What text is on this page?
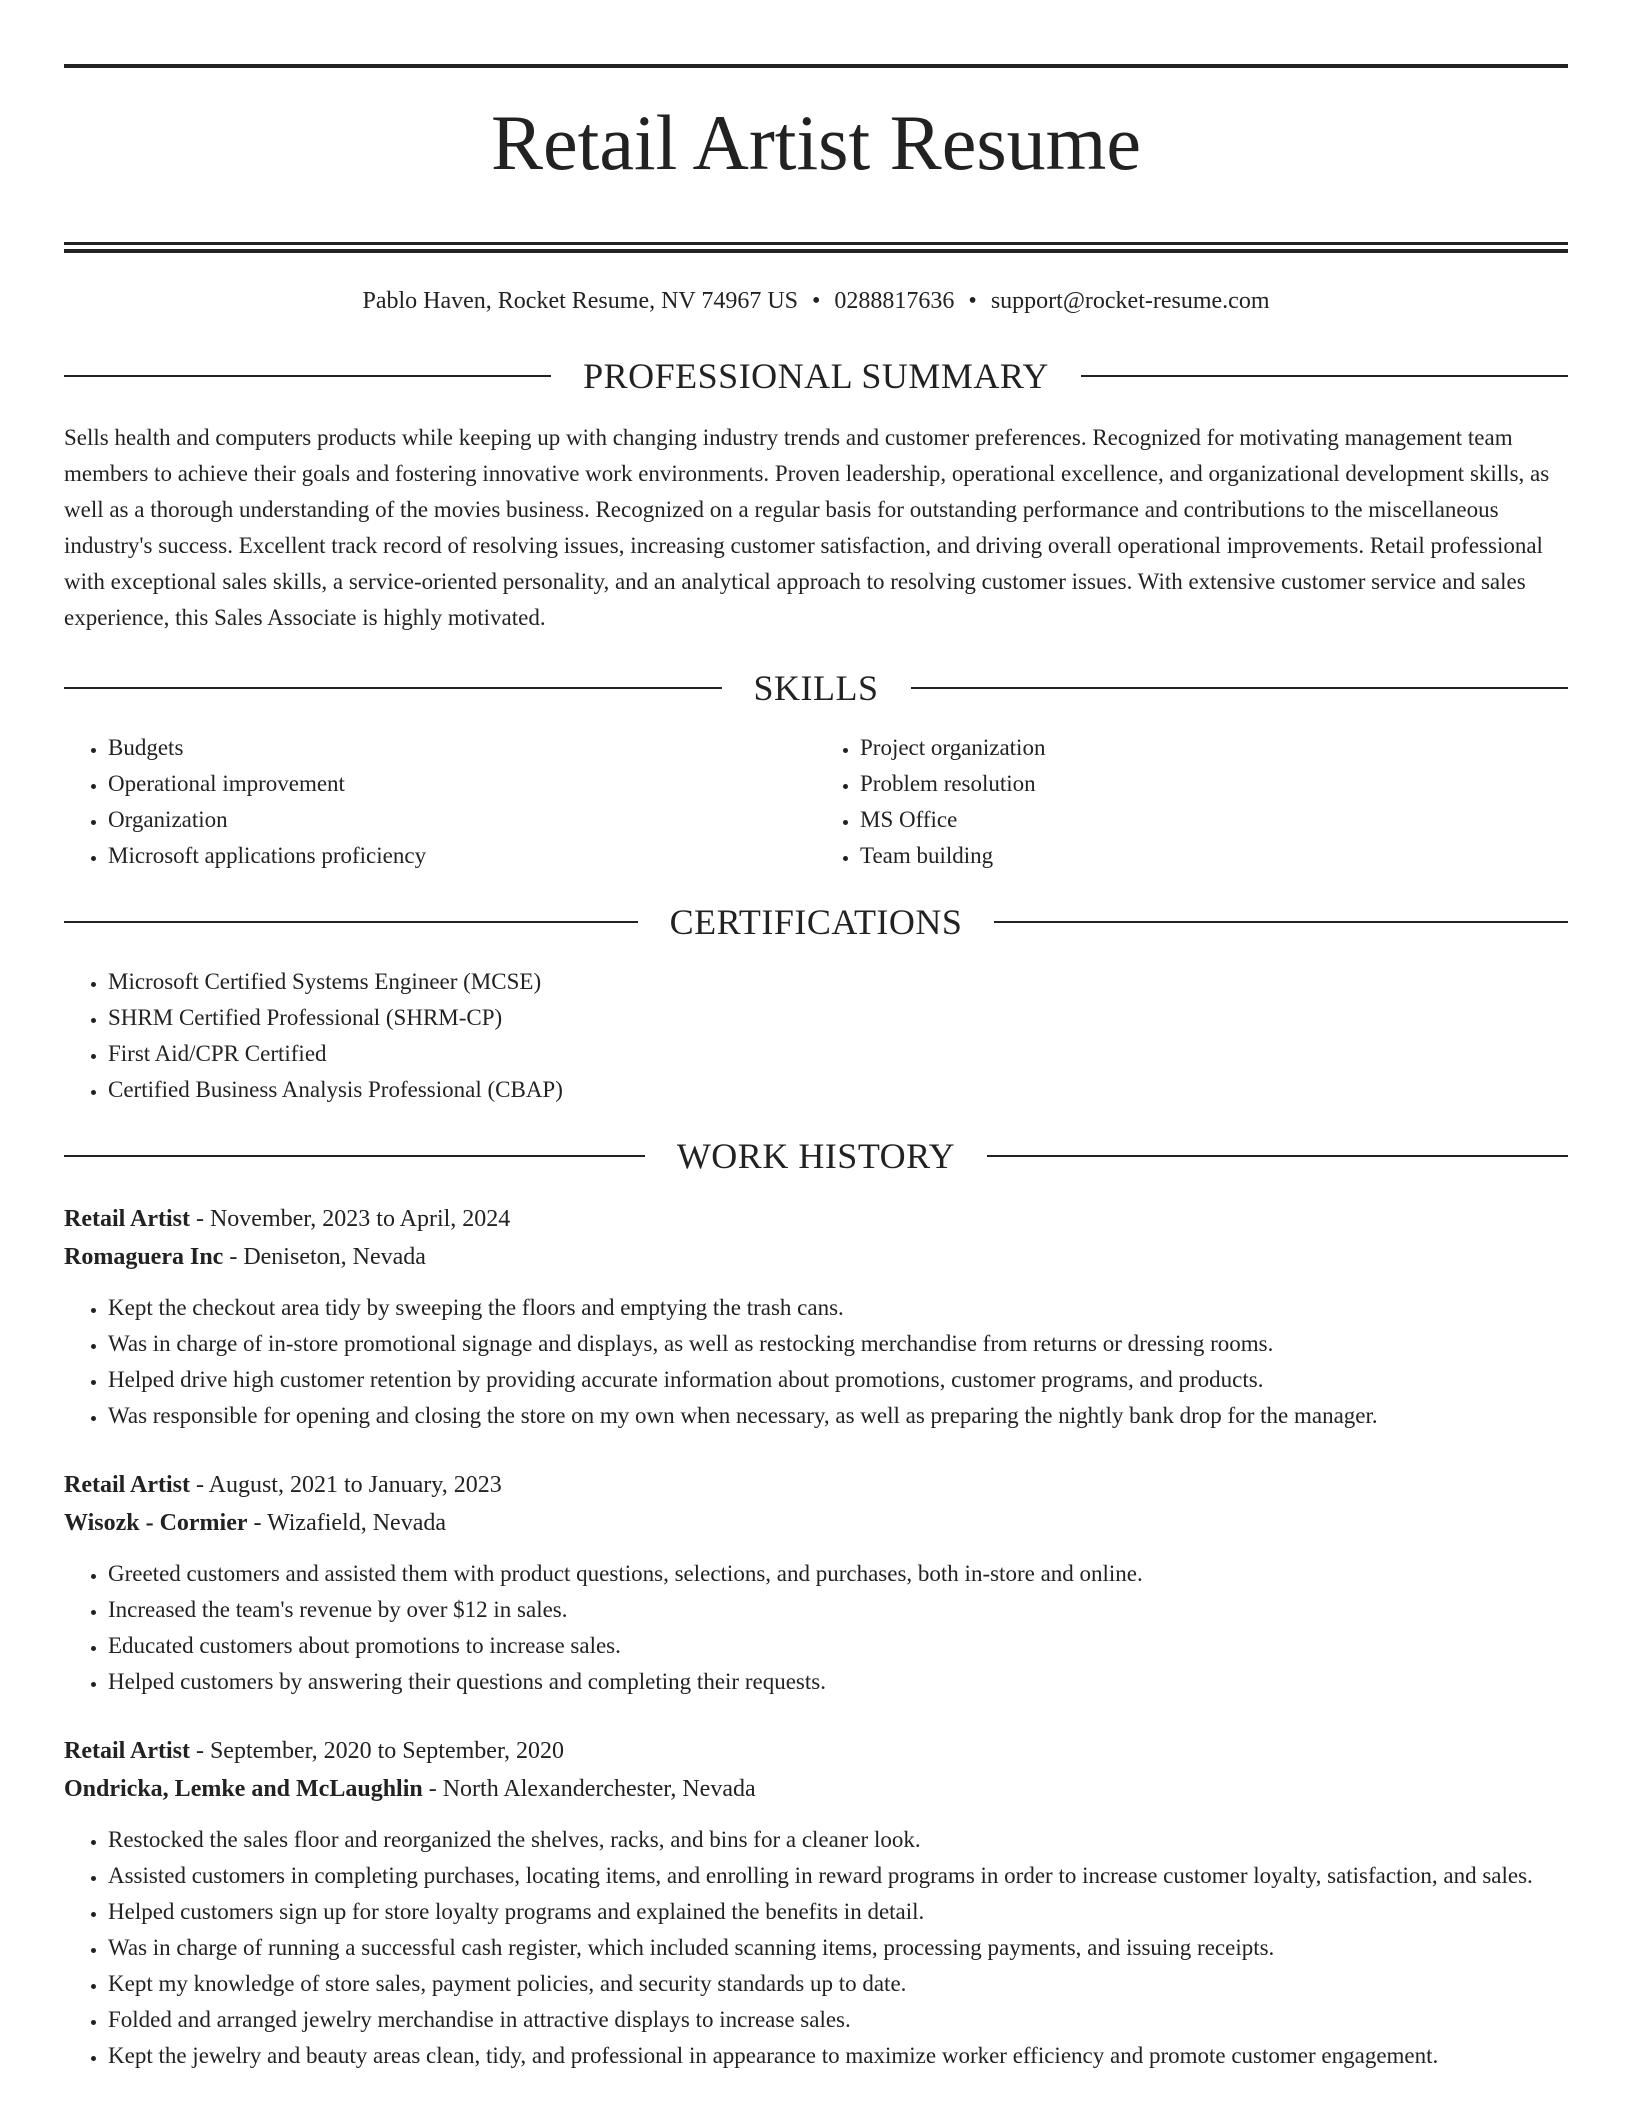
Retail Artist Resume
Pablo Haven, Rocket Resume, NV 74967 US • 0288817636 • support@rocket-resume.com
PROFESSIONAL SUMMARY

Sells health and computers products while keeping up with changing industry trends and customer preferences. Recognized for motivating management team members to achieve their goals and fostering innovative work environments. Proven leadership, operational excellence, and organizational development skills, as well as a thorough understanding of the movies business. Recognized on a regular basis for outstanding performance and contributions to the miscellaneous industry's success. Excellent track record of resolving issues, increasing customer satisfaction, and driving overall operational improvements. Retail professional with exceptional sales skills, a service-oriented personality, and an analytical approach to resolving customer issues. With extensive customer service and sales experience, this Sales Associate is highly motivated.

SKILLS
• Budgets
• Operational improvement
• Organization
• Microsoft applications proficiency
• Project organization
• Problem resolution
• MS Office
• Team building
CERTIFICATIONS
• Microsoft Certified Systems Engineer (MCSE)
• SHRM Certified Professional (SHRM-CP)
• First Aid/CPR Certified
• Certified Business Analysis Professional (CBAP)
WORK HISTORY
Retail Artist - November, 2023 to April, 2024
Romaguera Inc - Deniseton, Nevada
• Kept the checkout area tidy by sweeping the floors and emptying the trash cans.
• Was in charge of in-store promotional signage and displays, as well as restocking merchandise from returns or dressing rooms.
• Helped drive high customer retention by providing accurate information about promotions, customer programs, and products.
• Was responsible for opening and closing the store on my own when necessary, as well as preparing the nightly bank drop for the manager.
Retail Artist - August, 2021 to January, 2023
Wisozk - Cormier - Wizafield, Nevada
• Greeted customers and assisted them with product questions, selections, and purchases, both in-store and online.
• Increased the team's revenue by over $12 in sales.
• Educated customers about promotions to increase sales.
• Helped customers by answering their questions and completing their requests.
Retail Artist - September, 2020 to September, 2020
Ondricka, Lemke and McLaughlin - North Alexanderchester, Nevada
• Restocked the sales floor and reorganized the shelves, racks, and bins for a cleaner look.
• Assisted customers in completing purchases, locating items, and enrolling in reward programs in order to increase customer loyalty, satisfaction, and sales.
• Helped customers sign up for store loyalty programs and explained the benefits in detail.
• Was in charge of running a successful cash register, which included scanning items, processing payments, and issuing receipts.
• Kept my knowledge of store sales, payment policies, and security standards up to date.
• Folded and arranged jewelry merchandise in attractive displays to increase sales.
• Kept the jewelry and beauty areas clean, tidy, and professional in appearance to maximize worker efficiency and promote customer engagement.
